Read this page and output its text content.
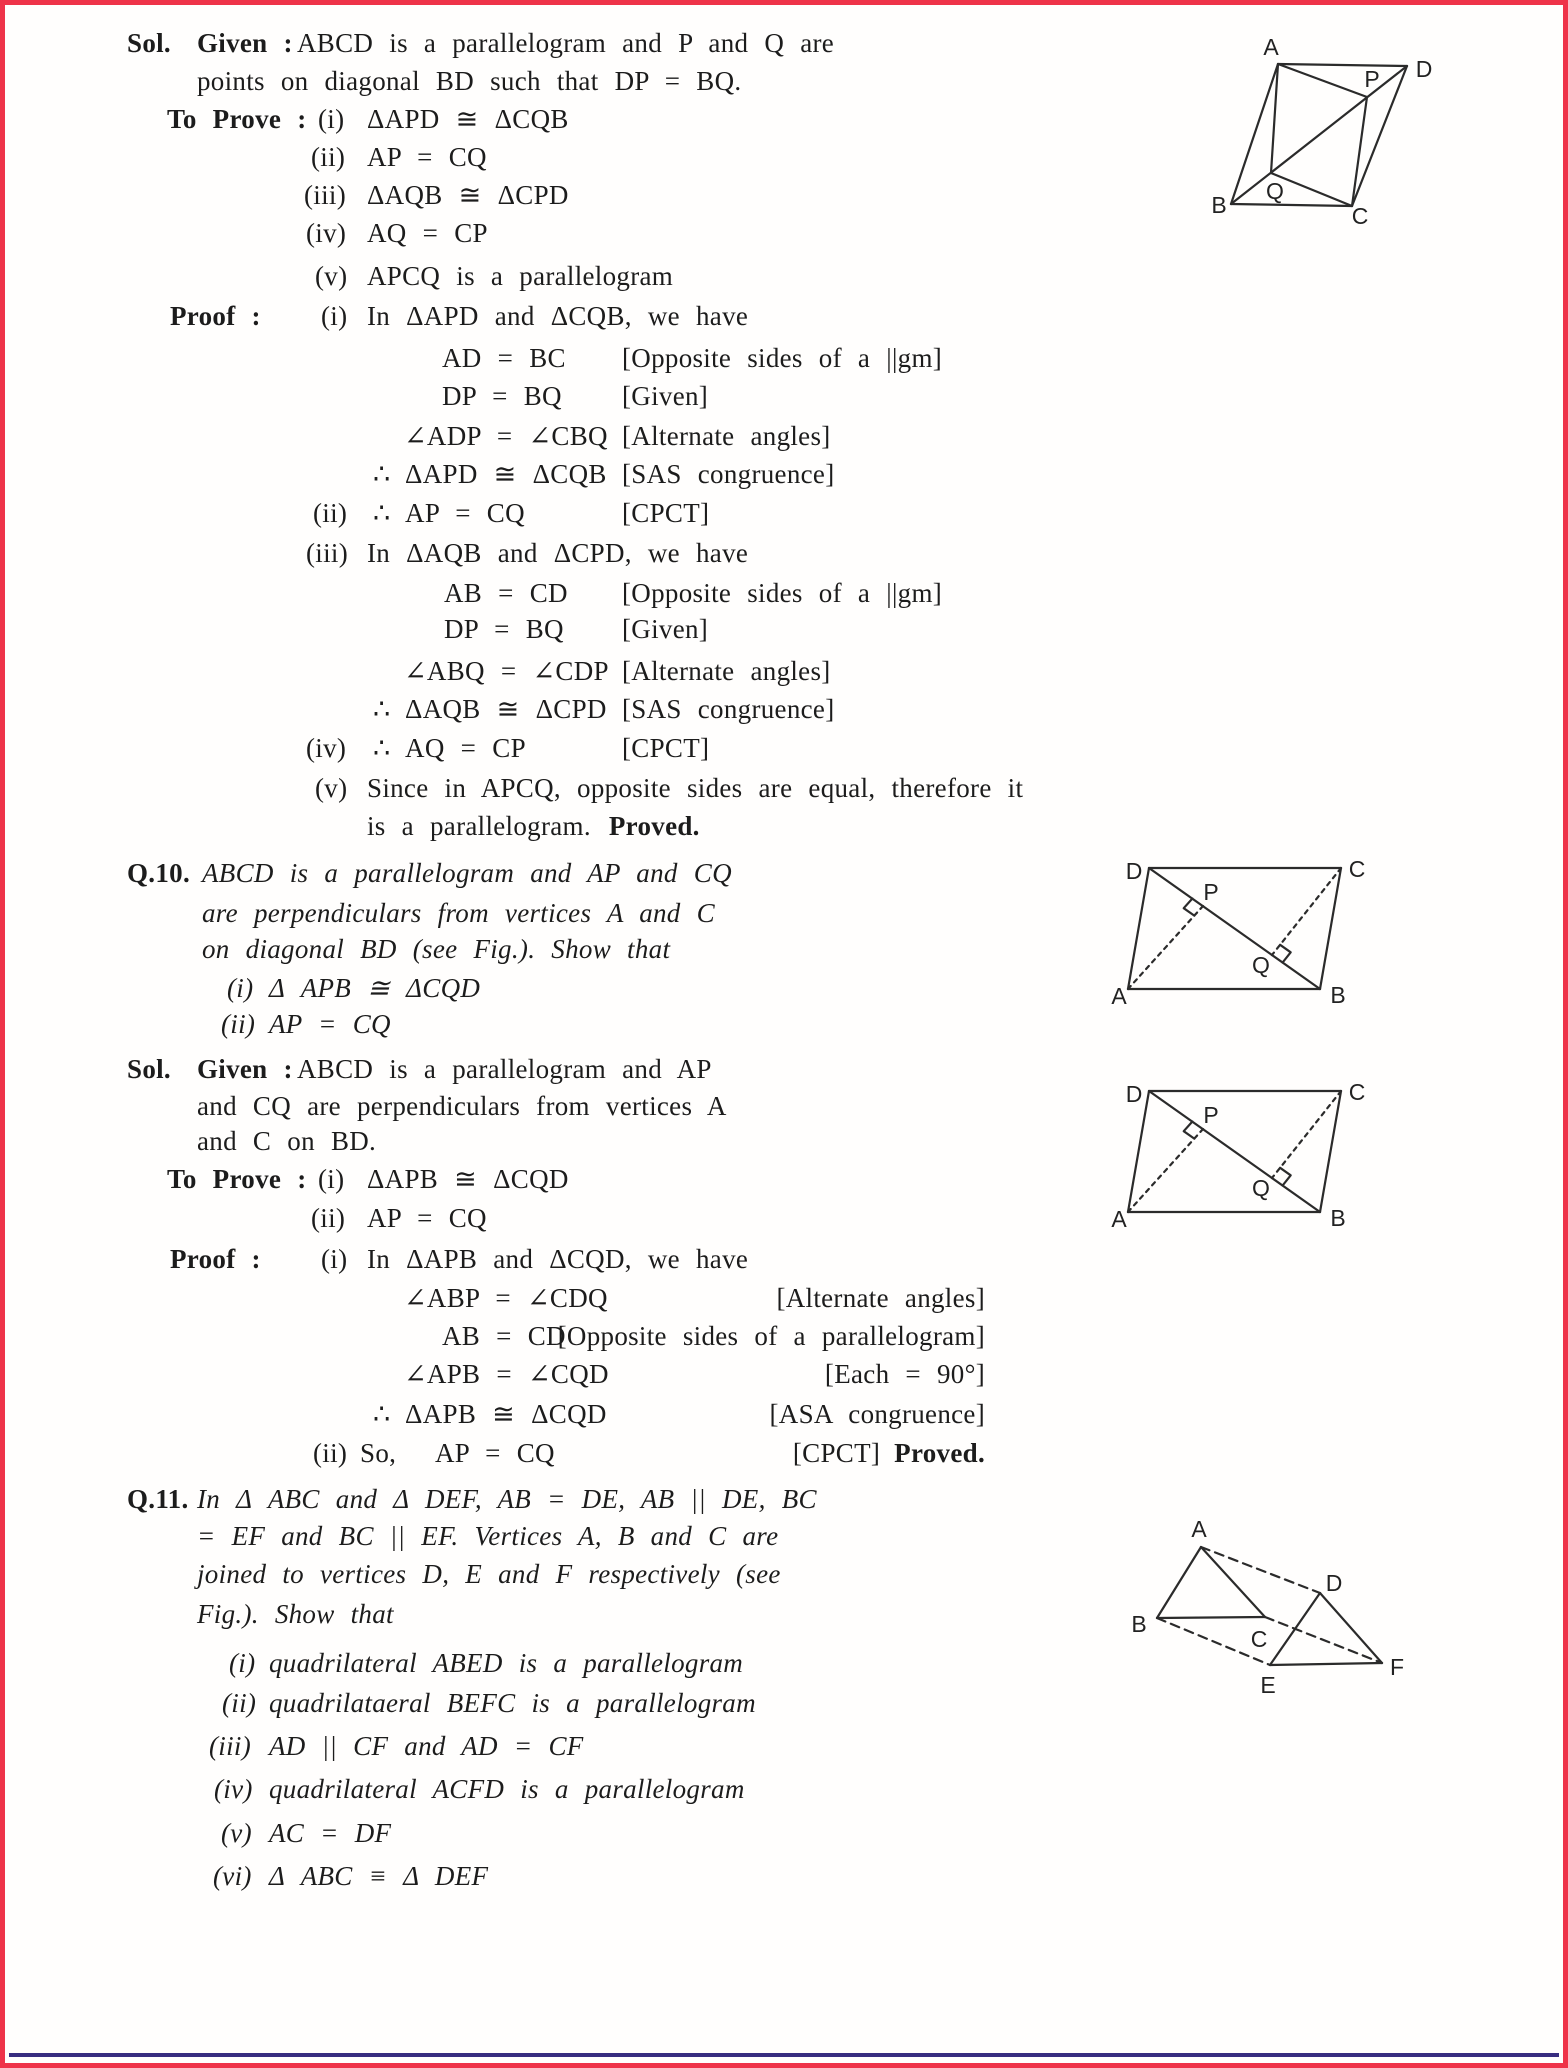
Sol. Given : ABCD is a parallelogram and P and Q are
points on diagonal BD such that DP = BQ.
To Prove : (i) ΔAPD ≅ ΔCQB
(ii) AP = CQ
(iii) ΔAQB ≅ ΔCPD
(iv) AQ = CP
(v) APCQ is a parallelogram
Proof : (i) In ΔAPD and ΔCQB, we have
AD = BC [Opposite sides of a ||gm]
DP = BQ [Given]
∠ADP = ∠CBQ [Alternate angles]
∴ ΔAPD ≅ ΔCQB [SAS congruence]
(ii) ∴ AP = CQ	[CPCT]
(iii) In ΔAQB and ΔCPD, we have
AB = CD [Opposite sides of a ||gm]
DP = BQ [Given]
∠ABQ = ∠CDP [Alternate angles]
∴ ΔAQB ≅ ΔCPD [SAS congruence]
(iv) ∴ AQ = CP	[CPCT]
(v) Since in APCQ, opposite sides are equal, therefore it
is a parallelogram. Proved.
Q.10. ABCD is a parallelogram and AP and CQ
are perpendiculars from vertices A and C
on diagonal BD (see Fig.). Show that
(i) Δ APB ≅ ΔCQD
(ii) AP = CQ
Sol. Given : ABCD is a parallelogram and AP
and CQ are perpendiculars from vertices A
and C on BD.
To Prove : (i) ΔAPB ≅ ΔCQD
(ii) AP = CQ
Proof : (i) In ΔAPB and ΔCQD, we have
∠ABP = ∠CDQ	[Alternate angles]
AB = CD
[Opposite sides of a parallelogram]
∠APB = ∠CQD	[Each = 90°]
∴ ΔAPB ≅ ΔCQD	[ASA congruence]
(ii) So, AP = CQ	[CPCT] Proved.
Q.11. In Δ ABC and Δ DEF, AB = DE, AB || DE, BC
= EF and BC || EF. Vertices A, B and C are
joined to vertices D, E and F respectively (see
Fig.). Show that
(i) quadrilateral ABED is a parallelogram
(ii) quadrilataeral BEFC is a parallelogram
(iii) AD || CF and AD = CF
(iv) quadrilateral ACFD is a parallelogram
(v) AC = DF
(vi) Δ ABC ≡ Δ DEF
A
D
B	C
P
Q
D	C
A	B
P
Q
D	C
A	B
P
Q
A
B
C
D
E
F
